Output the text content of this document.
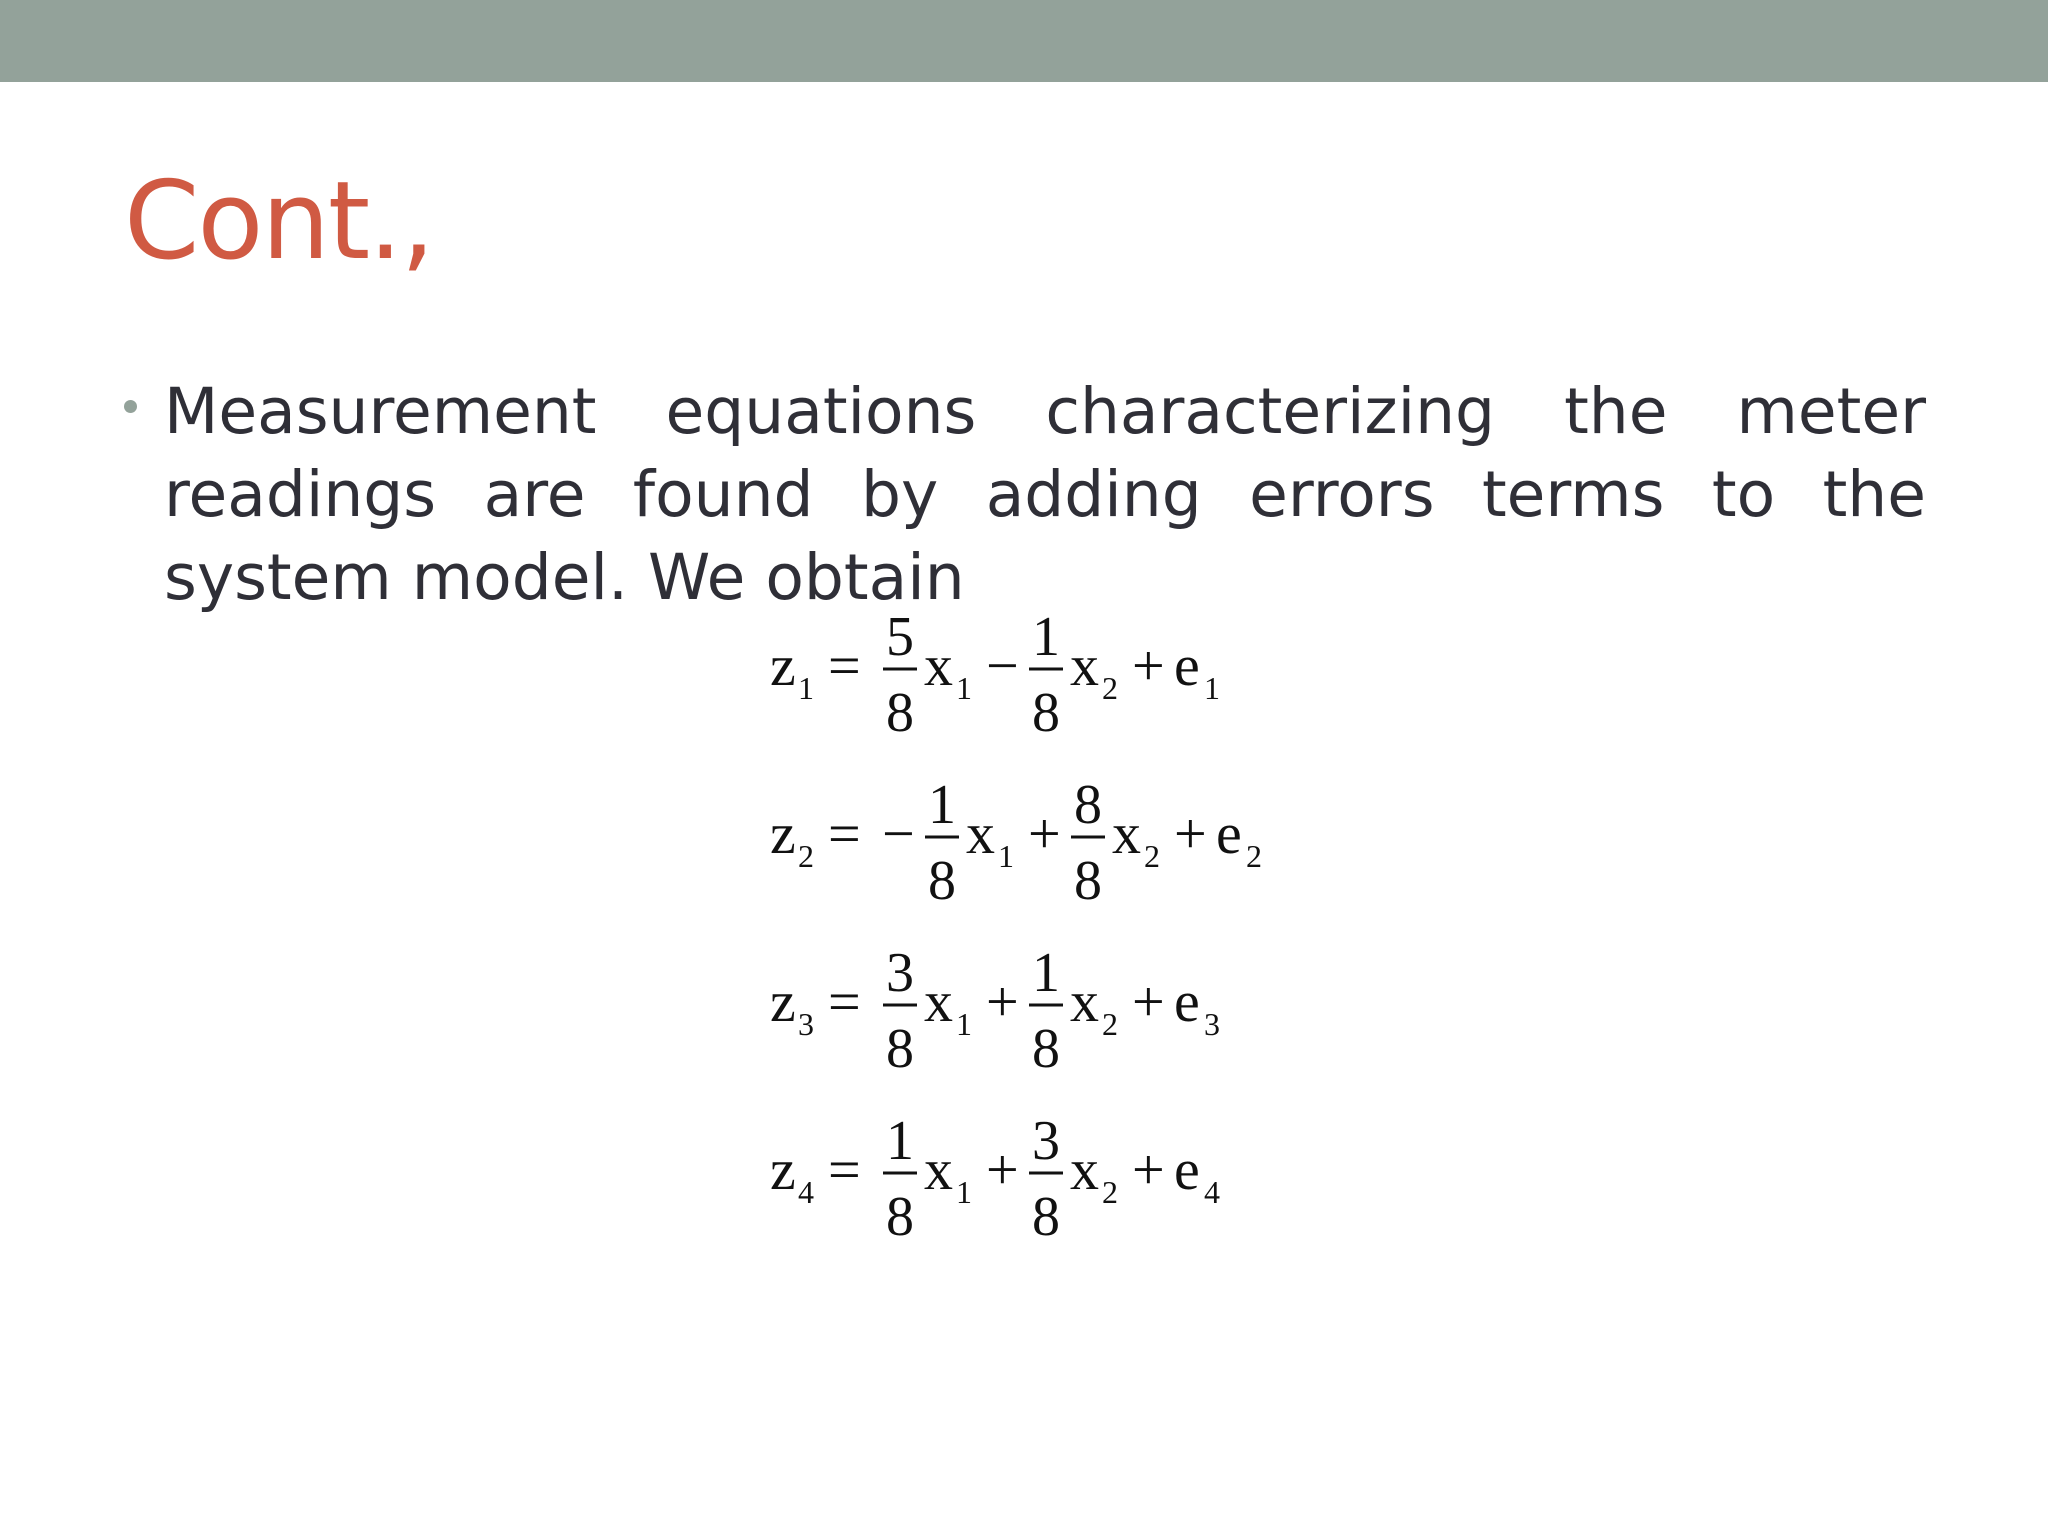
Cont.,

Measurement equations characterizing the meter readings are found by adding errors terms to the system model. We obtain

z 1 = 5
8
x 1 − 1
8
x 2 + e 1
z 2 = − 1
8
x 1 + 8
8
x 2 + e 2
z 3 = 3
8
x 1 + 1
8
x 2 + e 3
z 4 = 1
8
x 1 + 3
8
x 2 + e 4
